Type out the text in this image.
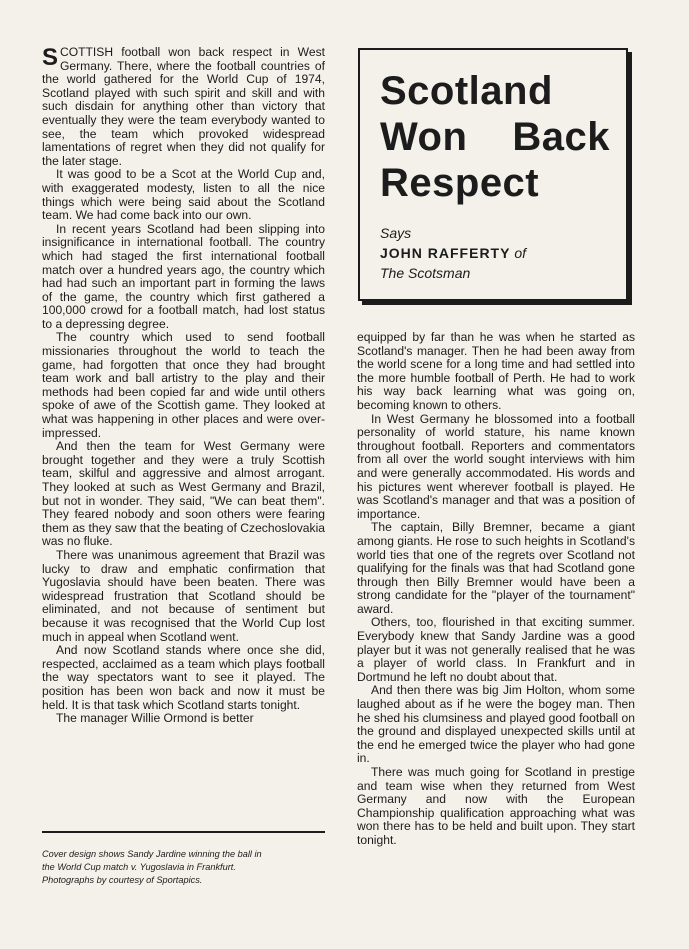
SCOTTISH football won back respect in West Germany. There, where the football countries of the world gathered for the World Cup of 1974, Scotland played with such spirit and skill and with such disdain for anything other than victory that eventually they were the team everybody wanted to see, the team which provoked widespread lamentations of regret when they did not qualify for the later stage.

It was good to be a Scot at the World Cup and, with exaggerated modesty, listen to all the nice things which were being said about the Scotland team. We had come back into our own.

In recent years Scotland had been slipping into insignificance in international football. The country which had staged the first international football match over a hundred years ago, the country which had had such an important part in forming the laws of the game, the country which first gathered a 100,000 crowd for a football match, had lost status to a depressing degree.

The country which used to send football missionaries throughout the world to teach the game, had forgotten that once they had brought team work and ball artistry to the play and their methods had been copied far and wide until others spoke of awe of the Scottish game. They looked at what was happening in other places and were over-impressed.

And then the team for West Germany were brought together and they were a truly Scottish team, skilful and aggressive and almost arrogant. They looked at such as West Germany and Brazil, but not in wonder. They said, "We can beat them". They feared nobody and soon others were fearing them as they saw that the beating of Czechoslovakia was no fluke.

There was unanimous agreement that Brazil was lucky to draw and emphatic confirmation that Yugoslavia should have been beaten. There was widespread frustration that Scotland should be eliminated, and not because of sentiment but because it was recognised that the World Cup lost much in appeal when Scotland went.

And now Scotland stands where once she did, respected, acclaimed as a team which plays football the way spectators want to see it played. The position has been won back and now it must be held. It is that task which Scotland starts tonight.

The manager Willie Ormond is better

Cover design shows Sandy Jardine winning the ball in
the World Cup match v. Yugoslavia in Frankfurt.
Photographs by courtesy of Sportapics.
Scotland
Won Back
Respect
Says
JOHN RAFFERTY of
The Scotsman

equipped by far than he was when he started as Scotland's manager. Then he had been away from the world scene for a long time and had settled into the more humble football of Perth. He had to work his way back learning what was going on, becoming known to others.

In West Germany he blossomed into a football personality of world stature, his name known throughout football. Reporters and commentators from all over the world sought interviews with him and were generally accommodated. His words and his pictures went wherever football is played. He was Scotland's manager and that was a position of importance.

The captain, Billy Bremner, became a giant among giants. He rose to such heights in Scotland's world ties that one of the regrets over Scotland not qualifying for the finals was that had Scotland gone through then Billy Bremner would have been a strong candidate for the "player of the tournament" award.

Others, too, flourished in that exciting summer. Everybody knew that Sandy Jardine was a good player but it was not generally realised that he was a player of world class. In Frankfurt and in Dortmund he left no doubt about that.

And then there was big Jim Holton, whom some laughed about as if he were the bogey man. Then he shed his clumsiness and played good football on the ground and displayed unexpected skills until at the end he emerged twice the player who had gone in.

There was much going for Scotland in prestige and team wise when they returned from West Germany and now with the European Championship qualification approaching what was won there has to be held and built upon. They start tonight.
